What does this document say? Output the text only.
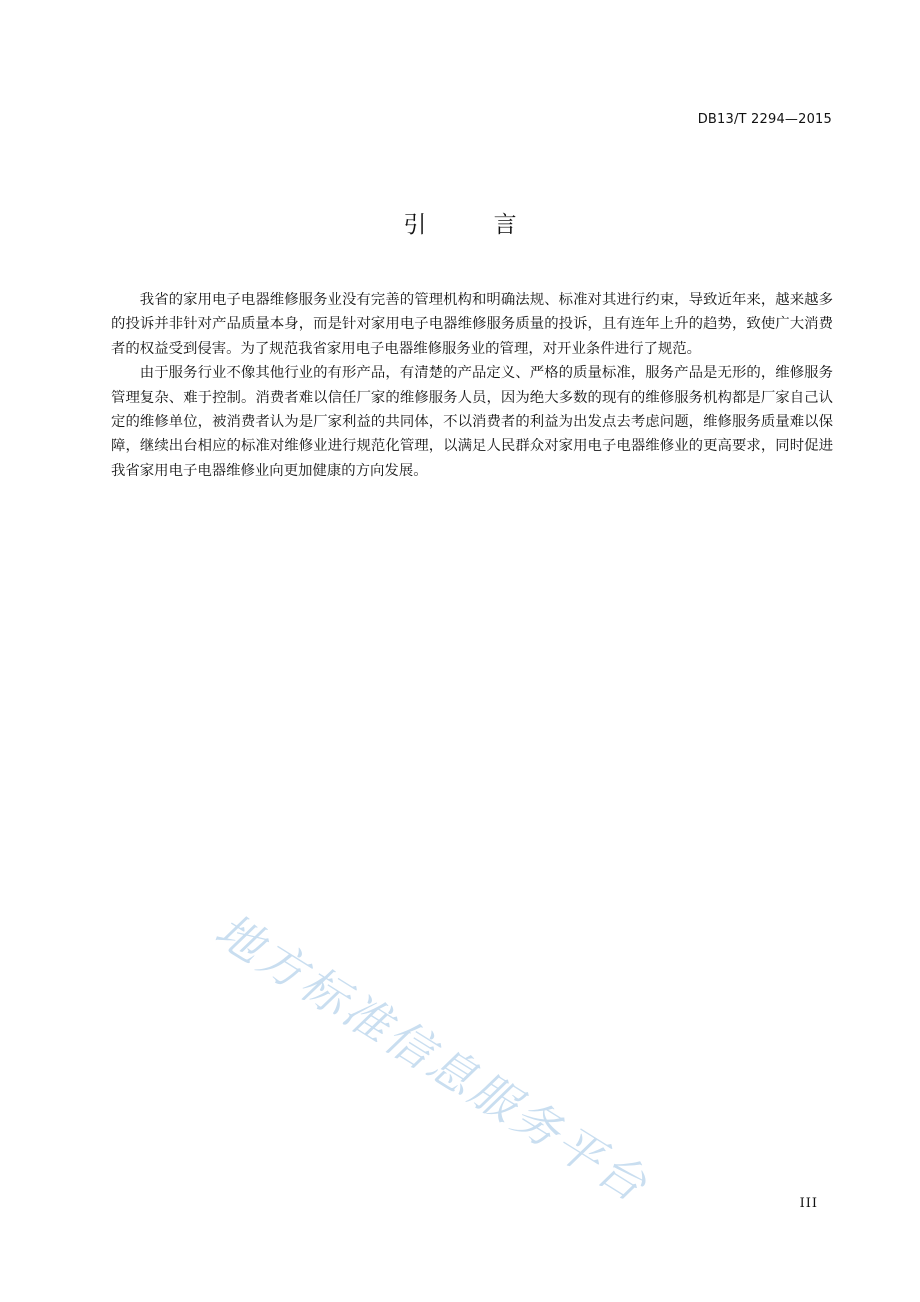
DB13/T 2294—2015
引 言

我省的家用电子电器维修服务业没有完善的管理机构和明确法规、标准对其进行约束，导致近年来，越来越多的投诉并非针对产品质量本身，而是针对家用电子电器维修服务质量的投诉，且有连年上升的趋势，致使广大消费者的权益受到侵害。为了规范我省家用电子电器维修服务业的管理，对开业条件进行了规范。

由于服务行业不像其他行业的有形产品，有清楚的产品定义、严格的质量标准，服务产品是无形的，维修服务管理复杂、难于控制。消费者难以信任厂家的维修服务人员，因为绝大多数的现有的维修服务机构都是厂家自己认定的维修单位，被消费者认为是厂家利益的共同体，不以消费者的利益为出发点去考虑问题，维修服务质量难以保障，继续出台相应的标准对维修业进行规范化管理，以满足人民群众对家用电子电器维修业的更高要求，同时促进我省家用电子电器维修业向更加健康的方向发展。

地方标准信息服务平台	III
